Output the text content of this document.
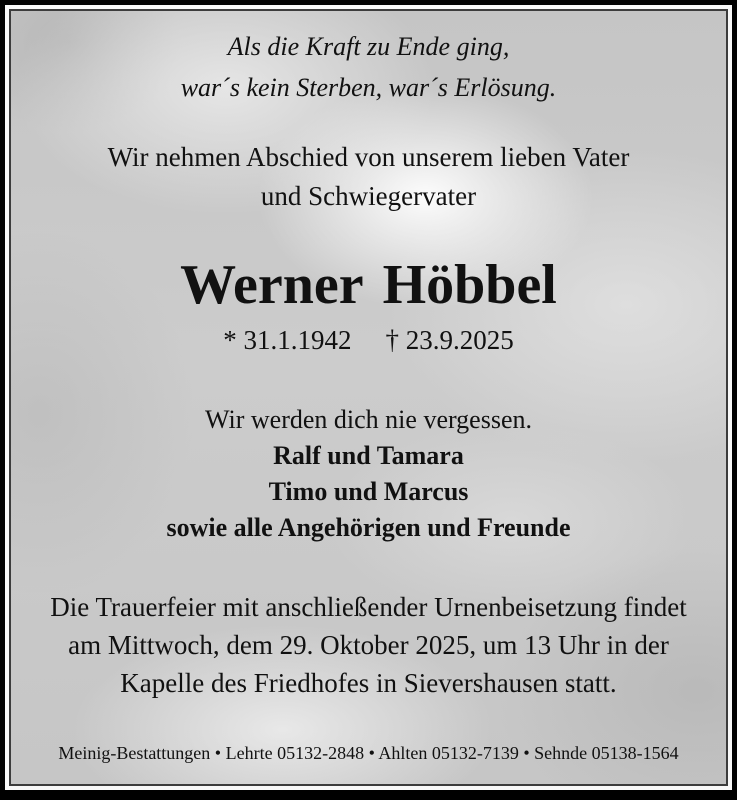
Als die Kraft zu Ende ging,
war´s kein Sterben, war´s Erlösung.
Wir nehmen Abschied von unserem lieben Vater
und Schwiegervater
Werner Höbbel
* 31.1.1942 † 23.9.2025
Wir werden dich nie vergessen.
Ralf und Tamara
Timo und Marcus
sowie alle Angehörigen und Freunde
Die Trauerfeier mit anschließender Urnenbeisetzung findet
am Mittwoch, dem 29. Oktober 2025, um 13 Uhr in der
Kapelle des Friedhofes in Sievershausen statt.
Meinig-Bestattungen • Lehrte 05132-2848 • Ahlten 05132-7139 • Sehnde 05138-1564
